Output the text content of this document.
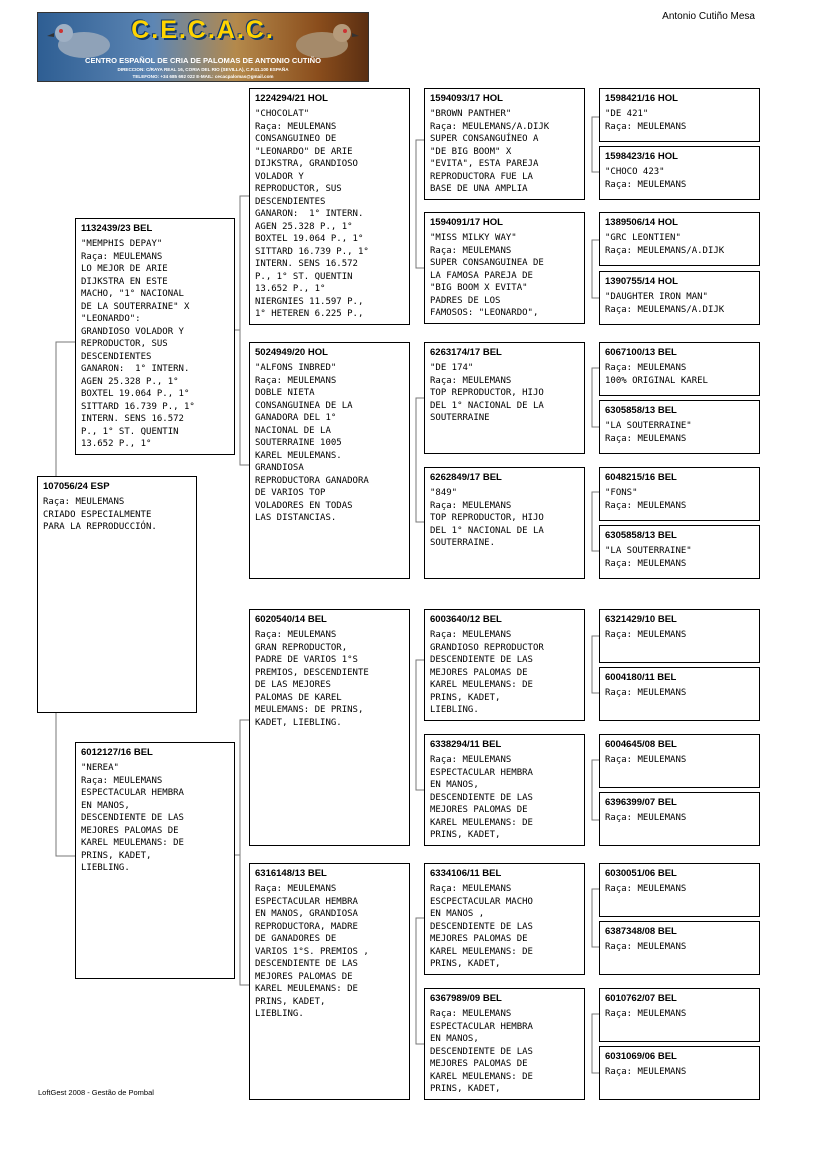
C.E.C.A.C.
CENTRO ESPAÑOL DE CRIA DE PALOMAS DE ANTONIO CUTIÑO
DIRECCION: C/RAYA REAL 16, CORIA DEL RIO (SEVILLA), C.P.41.100 ESPAÑA
TELEFONO: +34 685 692 022 E-MAIL: cecacpalomas@gmail.com
Antonio Cutiño Mesa
107056/24 ESP
Raça: MEULEMANS
CRIADO ESPECIALMENTE
PARA LA REPRODUCCIÓN.
1132439/23 BEL
"MEMPHIS DEPAY"
Raça: MEULEMANS
LO MEJOR DE ARIE
DIJKSTRA EN ESTE
MACHO, "1° NACIONAL
DE LA SOUTERRAINE" X
"LEONARDO":
GRANDIOSO VOLADOR Y
REPRODUCTOR, SUS
DESCENDIENTES
GANARON:  1° INTERN.
AGEN 25.328 P., 1°
BOXTEL 19.064 P., 1°
SITTARD 16.739 P., 1°
INTERN. SENS 16.572
P., 1° ST. QUENTIN
13.652 P., 1°
6012127/16 BEL
"NEREA"
Raça: MEULEMANS
ESPECTACULAR HEMBRA
EN MANOS,
DESCENDIENTE DE LAS
MEJORES PALOMAS DE
KAREL MEULEMANS: DE
PRINS, KADET,
LIEBLING.
1224294/21 HOL
"CHOCOLAT"
Raça: MEULEMANS
CONSANGUINEO DE
"LEONARDO" DE ARIE
DIJKSTRA, GRANDIOSO
VOLADOR Y
REPRODUCTOR, SUS
DESCENDIENTES
GANARON:  1° INTERN.
AGEN 25.328 P., 1°
BOXTEL 19.064 P., 1°
SITTARD 16.739 P., 1°
INTERN. SENS 16.572
P., 1° ST. QUENTIN
13.652 P., 1°
NIERGNIES 11.597 P.,
1° HETEREN 6.225 P.,
5024949/20 HOL
"ALFONS INBRED"
Raça: MEULEMANS
DOBLE NIETA
CONSANGUINEA DE LA
GANADORA DEL 1°
NACIONAL DE LA
SOUTERRAINE 1005
KAREL MEULEMANS.
GRANDIOSA
REPRODUCTORA GANADORA
DE VARIOS TOP
VOLADORES EN TODAS
LAS DISTANCIAS.
6020540/14 BEL
Raça: MEULEMANS
GRAN REPRODUCTOR,
PADRE DE VARIOS 1°S
PREMIOS, DESCENDIENTE
DE LAS MEJORES
PALOMAS DE KAREL
MEULEMANS: DE PRINS,
KADET, LIEBLING.
6316148/13 BEL
Raça: MEULEMANS
ESPECTACULAR HEMBRA
EN MANOS, GRANDIOSA
REPRODUCTORA, MADRE
DE GANADORES DE
VARIOS 1°S. PREMIOS ,
DESCENDIENTE DE LAS
MEJORES PALOMAS DE
KAREL MEULEMANS: DE
PRINS, KADET,
LIEBLING.
1594093/17 HOL
"BROWN PANTHER"
Raça: MEULEMANS/A.DIJK
SUPER CONSANGUÍNEO A
"DE BIG BOOM" X
"EVITA", ESTA PAREJA
REPRODUCTORA FUE LA
BASE DE UNA AMPLIA
1594091/17 HOL
"MISS MILKY WAY"
Raça: MEULEMANS
SUPER CONSANGUINEA DE
LA FAMOSA PAREJA DE
"BIG BOOM X EVITA"
PADRES DE LOS
FAMOSOS: "LEONARDO",
6263174/17 BEL
"DE 174"
Raça: MEULEMANS
TOP REPRODUCTOR, HIJO
DEL 1° NACIONAL DE LA
SOUTERRAINE
6262849/17 BEL
"849"
Raça: MEULEMANS
TOP REPRODUCTOR, HIJO
DEL 1° NACIONAL DE LA
SOUTERRAINE.
6003640/12 BEL
Raça: MEULEMANS
GRANDIOSO REPRODUCTOR
DESCENDIENTE DE LAS
MEJORES PALOMAS DE
KAREL MEULEMANS: DE
PRINS, KADET,
LIEBLING.
6338294/11 BEL
Raça: MEULEMANS
ESPECTACULAR HEMBRA
EN MANOS,
DESCENDIENTE DE LAS
MEJORES PALOMAS DE
KAREL MEULEMANS: DE
PRINS, KADET,
6334106/11 BEL
Raça: MEULEMANS
ESCPECTACULAR MACHO
EN MANOS ,
DESCENDIENTE DE LAS
MEJORES PALOMAS DE
KAREL MEULEMANS: DE
PRINS, KADET,
6367989/09 BEL
Raça: MEULEMANS
ESPECTACULAR HEMBRA
EN MANOS,
DESCENDIENTE DE LAS
MEJORES PALOMAS DE
KAREL MEULEMANS: DE
PRINS, KADET,
1598421/16 HOL
"DE 421"
Raça: MEULEMANS
1598423/16 HOL
"CHOCO 423"
Raça: MEULEMANS
1389506/14 HOL
"GRC LEONTIEN"
Raça: MEULEMANS/A.DIJK
1390755/14 HOL
"DAUGHTER IRON MAN"
Raça: MEULEMANS/A.DIJK
6067100/13 BEL
Raça: MEULEMANS
100% ORIGINAL KAREL
6305858/13 BEL
"LA SOUTERRAINE"
Raça: MEULEMANS
6048215/16 BEL
"FONS"
Raça: MEULEMANS
6305858/13 BEL
"LA SOUTERRAINE"
Raça: MEULEMANS
6321429/10 BEL
Raça: MEULEMANS
6004180/11 BEL
Raça: MEULEMANS
6004645/08 BEL
Raça: MEULEMANS
6396399/07 BEL
Raça: MEULEMANS
6030051/06 BEL
Raça: MEULEMANS
6387348/08 BEL
Raça: MEULEMANS
6010762/07 BEL
Raça: MEULEMANS
6031069/06 BEL
Raça: MEULEMANS
LoftGest 2008 - Gestão de Pombal
